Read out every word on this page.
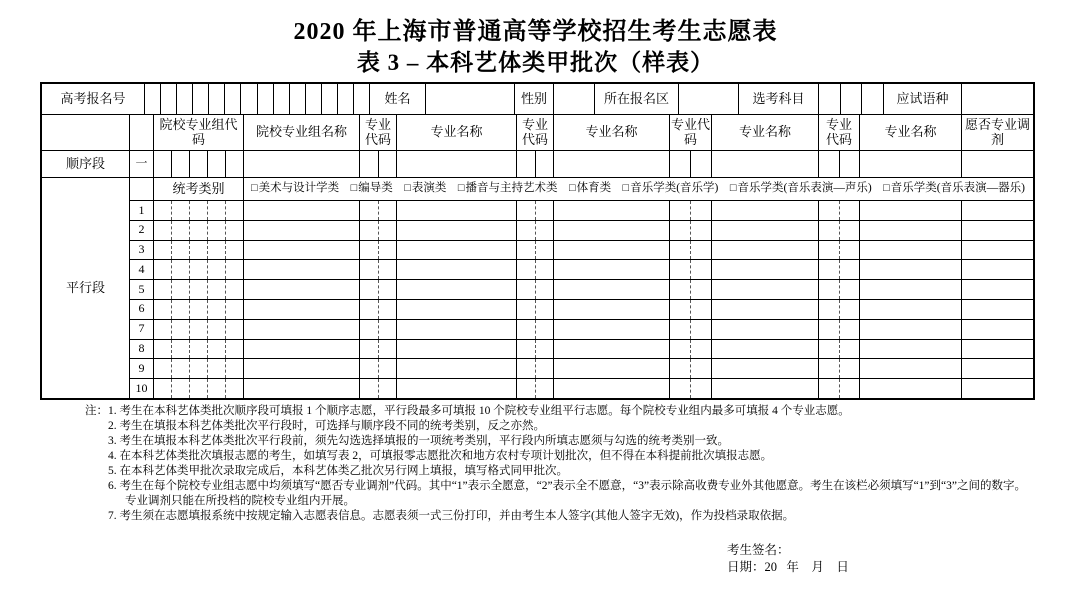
2020 年上海市普通高等学校招生考生志愿表
表 3 – 本科艺体类甲批次（样表）
高考报名号	姓名	性别	所在报名区	选考科目	应试语种
院校专业组代码	院校专业组名称	专业代码	专业名称	专业代码	专业名称	专业代码	专业名称	专业代码	专业名称	愿否专业调剂
顺序段	一
平行段
统考类别	□ 美术与设计学类 □ 编导类 □ 表演类 □ 播音与主持艺术类 □ 体育类 □ 音乐学类(音乐学) □ 音乐学类(音乐表演—声乐) □ 音乐学类(音乐表演—器乐)
1
2
3
4
5
6
7
8
9
10
注： 1. 考生在本科艺体类批次顺序段可填报 1 个顺序志愿，平行段最多可填报 10 个院校专业组平行志愿。每个院校专业组内最多可填报 4 个专业志愿。
2. 考生在填报本科艺体类批次平行段时，可选择与顺序段不同的统考类别，反之亦然。
3. 考生在填报本科艺体类批次平行段前，须先勾选选择填报的一项统考类别，平行段内所填志愿须与勾选的统考类别一致。
4. 在本科艺体类批次填报志愿的考生，如填写表 2，可填报零志愿批次和地方农村专项计划批次，但不得在本科提前批次填报志愿。
5. 在本科艺体类甲批次录取完成后，本科艺体类乙批次另行网上填报，填写格式同甲批次。
6. 考生在每个院校专业组志愿中均须填写“愿否专业调剂”代码。其中“1”表示全愿意，“2”表示全不愿意，“3”表示除高收费专业外其他愿意。考生在该栏必须填写“1”到“3”之间的数字。专业调剂只能在所投档的院校专业组内开展。
7. 考生须在志愿填报系统中按规定输入志愿表信息。志愿表须一式三份打印，并由考生本人签字(其他人签字无效)，作为投档录取依据。
考生签名：
日期：20   年    月    日
